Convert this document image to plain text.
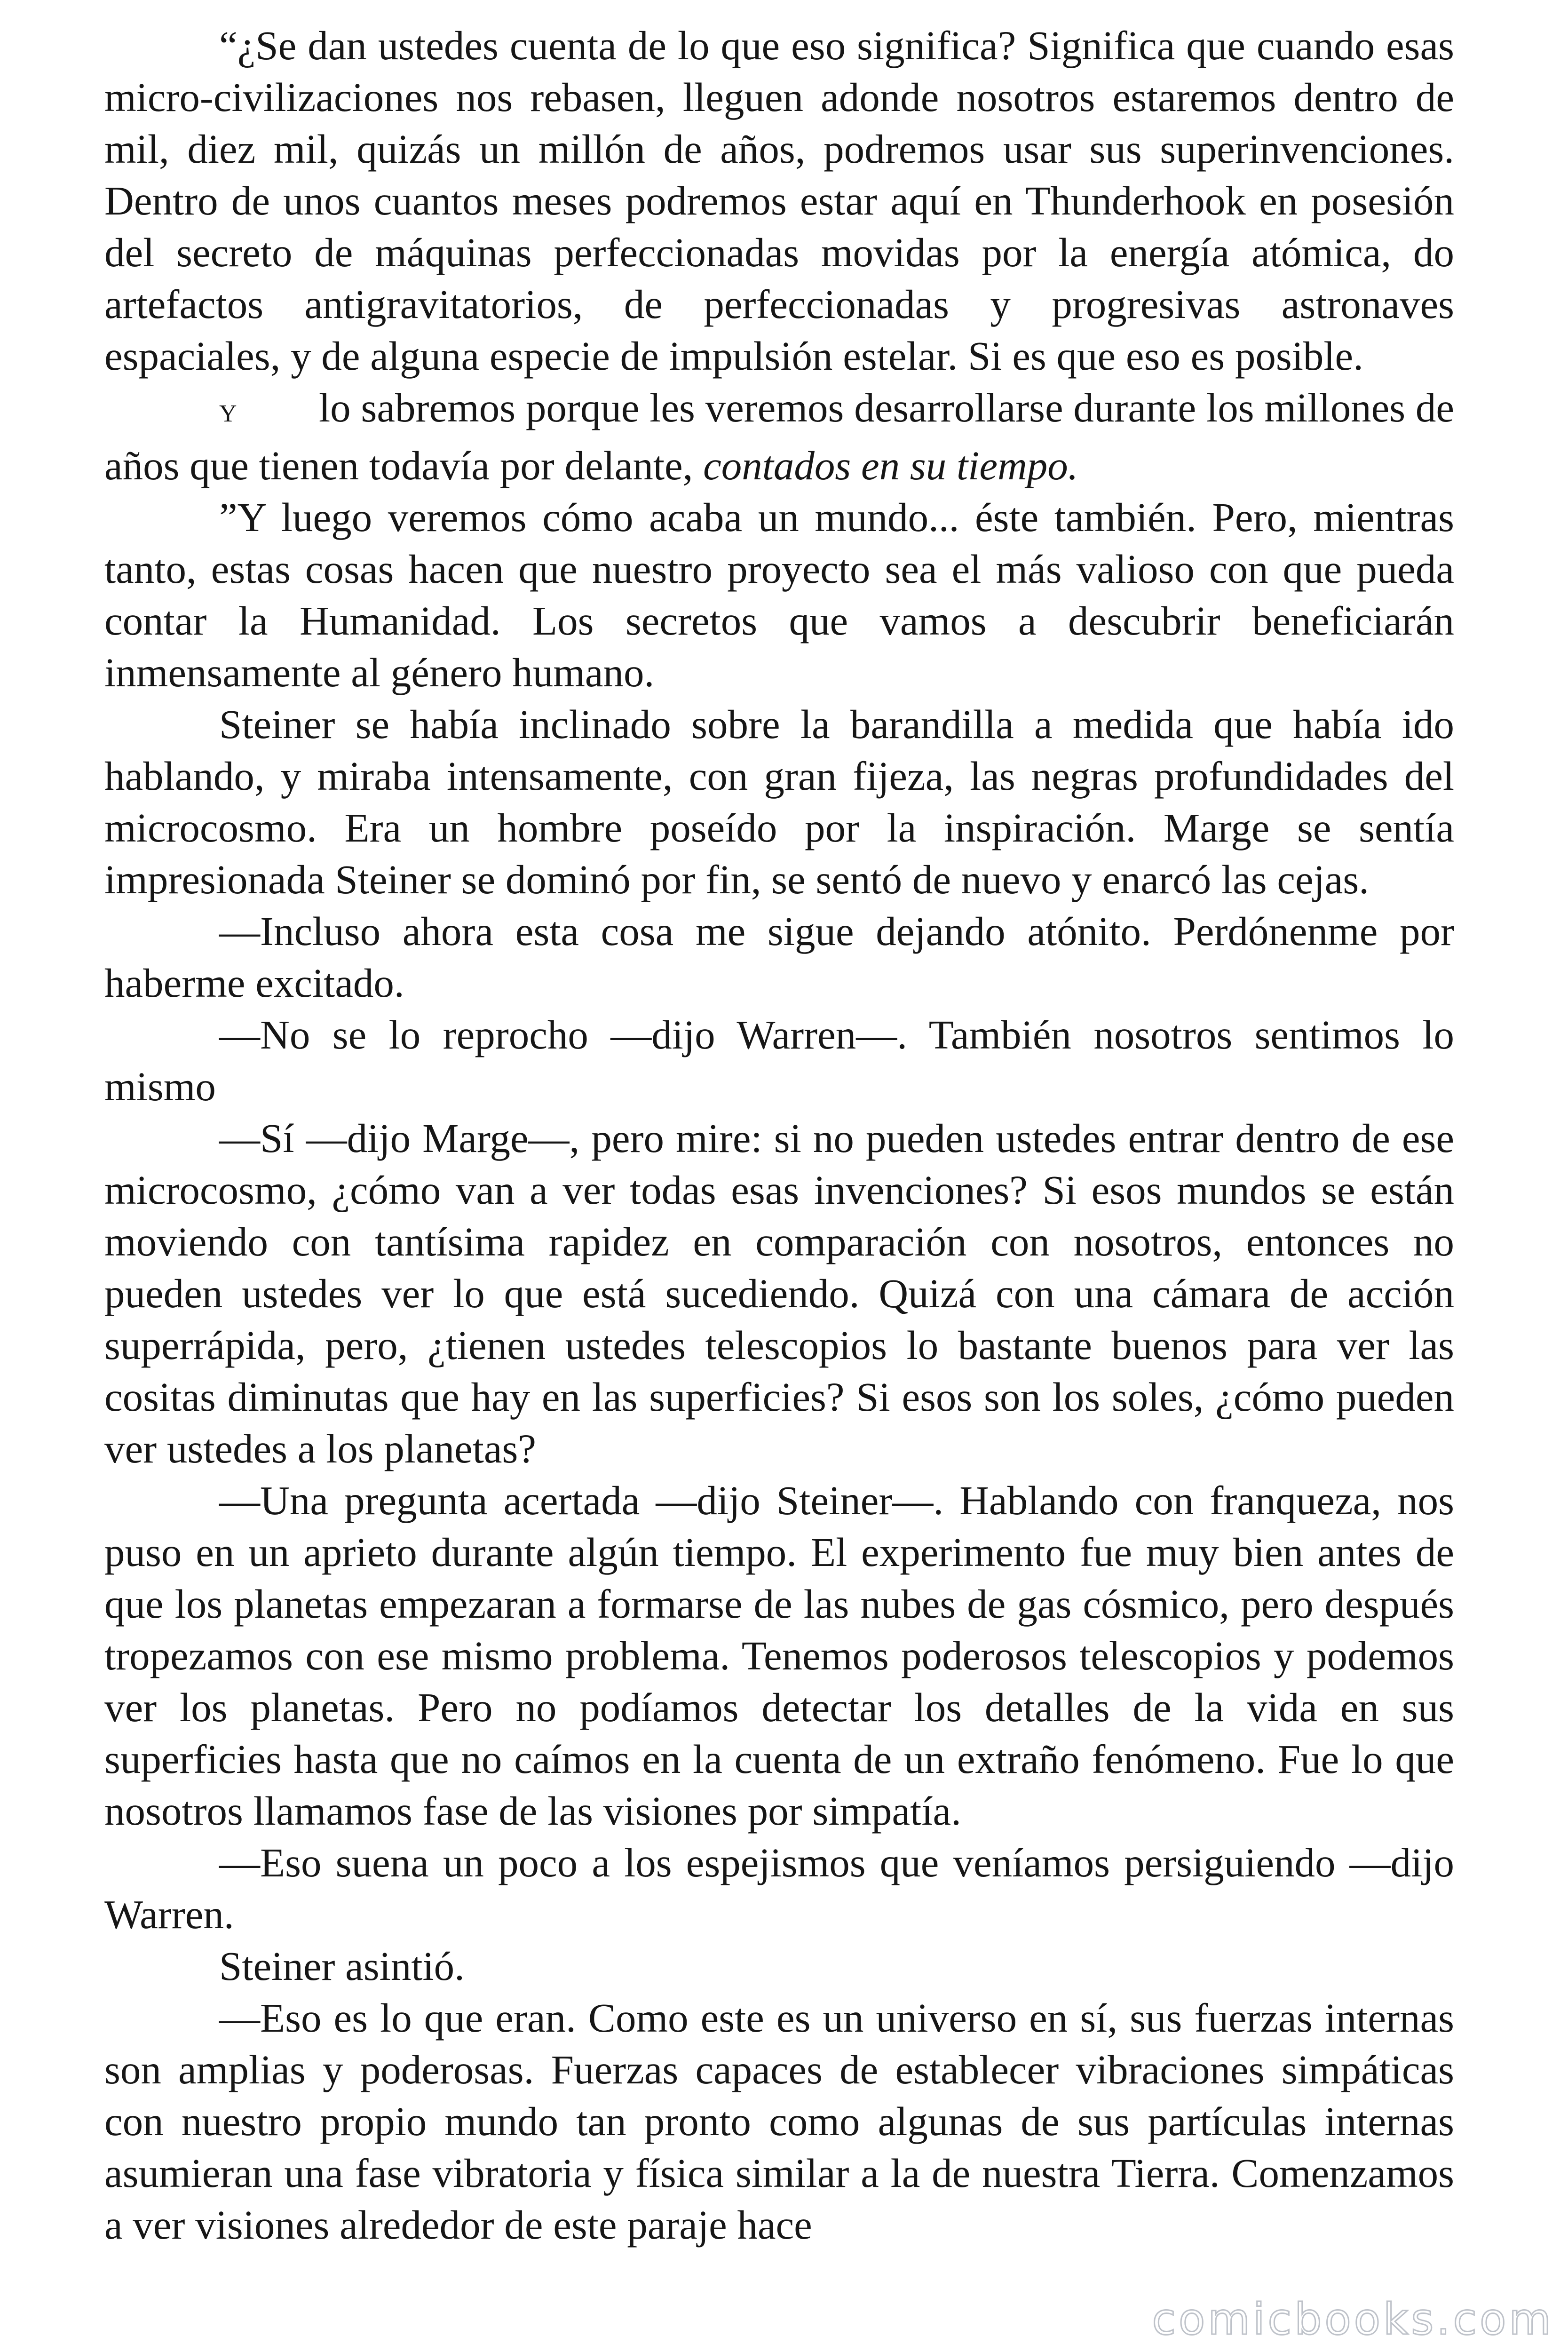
“¿Se dan ustedes cuenta de lo que eso significa? Significa que cuando esas micro-civilizaciones nos rebasen, lleguen adonde nosotros estaremos dentro de mil, diez mil, quizás un millón de años, podremos usar sus superinvenciones. Dentro de unos cuantos meses podremos estar aquí en Thunderhook en posesión del secreto de máquinas perfeccionadas movidas por la energía atómica, do artefactos antigravitatorios, de perfeccionadas y progresivas astronaves espaciales, y de alguna especie de impulsión estelar. Si es que eso es posible.

Y lo sabremos porque les veremos desarrollarse durante los millones de años que tienen todavía por delante, contados en su tiempo.

”Y luego veremos cómo acaba un mundo... éste también. Pero, mientras tanto, estas cosas hacen que nuestro proyecto sea el más valioso con que pueda contar la Humanidad. Los secretos que vamos a descubrir beneficiarán inmensamente al género humano.

Steiner se había inclinado sobre la barandilla a medida que había ido hablando, y miraba intensamente, con gran fijeza, las negras profundidades del microcosmo. Era un hombre poseído por la inspiración. Marge se sentía impresionada Steiner se dominó por fin, se sentó de nuevo y enarcó las cejas.

—Incluso ahora esta cosa me sigue dejando atónito. Perdónenme por haberme excitado.

—No se lo reprocho —dijo Warren—. También nosotros sentimos lo mismo

—Sí —dijo Marge—, pero mire: si no pueden ustedes entrar dentro de ese microcosmo, ¿cómo van a ver todas esas invenciones? Si esos mundos se están moviendo con tantísima rapidez en comparación con nosotros, entonces no pueden ustedes ver lo que está sucediendo. Quizá con una cámara de acción superrápida, pero, ¿tienen ustedes telescopios lo bastante buenos para ver las cositas diminutas que hay en las superficies? Si esos son los soles, ¿cómo pueden ver ustedes a los planetas?

—Una pregunta acertada —dijo Steiner—. Hablando con franqueza, nos puso en un aprieto durante algún tiempo. El experimento fue muy bien antes de que los planetas empezaran a formarse de las nubes de gas cósmico, pero después tropezamos con ese mismo problema. Tenemos poderosos telescopios y podemos ver los planetas. Pero no podíamos detectar los detalles de la vida en sus superficies hasta que no caímos en la cuenta de un extraño fenómeno. Fue lo que nosotros llamamos fase de las visiones por simpatía.

—Eso suena un poco a los espejismos que veníamos persiguiendo —dijo Warren.

Steiner asintió.

—Eso es lo que eran. Como este es un universo en sí, sus fuerzas internas son amplias y poderosas. Fuerzas capaces de establecer vibraciones simpáticas con nuestro propio mundo tan pronto como algunas de sus partículas internas asumieran una fase vibratoria y física similar a la de nuestra Tierra. Comenzamos a ver visiones alrededor de este paraje hace

comicbooks.com
